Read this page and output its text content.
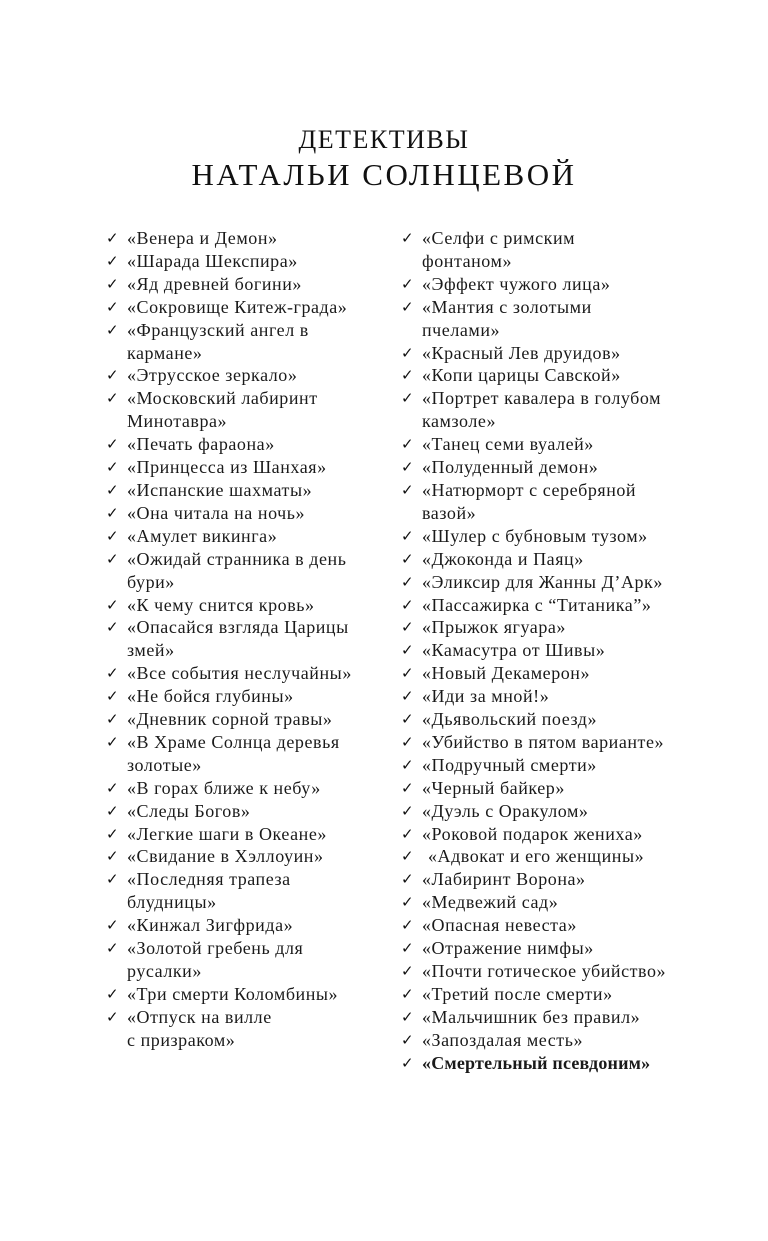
ДЕТЕКТИВЫ
НАТАЛЬИ СОЛНЦЕВОЙ
✓ «Венера и Демон»
✓ «Шарада Шекспира»
✓ «Яд древней богини»
✓ «Сокровище Китеж-града»
✓ «Французский ангел в
кармане»
✓ «Этрусское зеркало»
✓ «Московский лабиринт
Минотавра»
✓ «Печать фараона»
✓ «Принцесса из Шанхая»
✓ «Испанские шахматы»
✓ «Она читала на ночь»
✓ «Амулет викинга»
✓ «Ожидай странника в день
бури»
✓ «К чему снится кровь»
✓ «Опасайся взгляда Царицы
змей»
✓ «Все события неслучайны»
✓ «Не бойся глубины»
✓ «Дневник сорной травы»
✓ «В Храме Солнца деревья
золотые»
✓ «В горах ближе к небу»
✓ «Следы Богов»
✓ «Легкие шаги в Океане»
✓ «Свидание в Хэллоуин»
✓ «Последняя трапеза
блудницы»
✓ «Кинжал Зигфрида»
✓ «Золотой гребень для
русалки»
✓ «Три смерти Коломбины»
✓ «Отпуск на вилле
с призраком»
✓ «Селфи с римским
фонтаном»
✓ «Эффект чужого лица»
✓ «Мантия с золотыми
пчелами»
✓ «Красный Лев друидов»
✓ «Копи царицы Савской»
✓ «Портрет кавалера в голубом
камзоле»
✓ «Танец семи вуалей»
✓ «Полуденный демон»
✓ «Натюрморт с серебряной
вазой»
✓ «Шулер с бубновым тузом»
✓ «Джоконда и Паяц»
✓ «Эликсир для Жанны Д’Арк»
✓ «Пассажирка с “Титаника”»
✓ «Прыжок ягуара»
✓ «Камасутра от Шивы»
✓ «Новый Декамерон»
✓ «Иди за мной!»
✓ «Дьявольский поезд»
✓ «Убийство в пятом варианте»
✓ «Подручный смерти»
✓ «Черный байкер»
✓ «Дуэль с Оракулом»
✓ «Роковой подарок жениха»
✓ «Адвокат и его женщины»
✓ «Лабиринт Ворона»
✓ «Медвежий сад»
✓ «Опасная невеста»
✓ «Отражение нимфы»
✓ «Почти готическое убийство»
✓ «Третий после смерти»
✓ «Мальчишник без правил»
✓ «Запоздалая месть»
✓ «Смертельный псевдоним»
